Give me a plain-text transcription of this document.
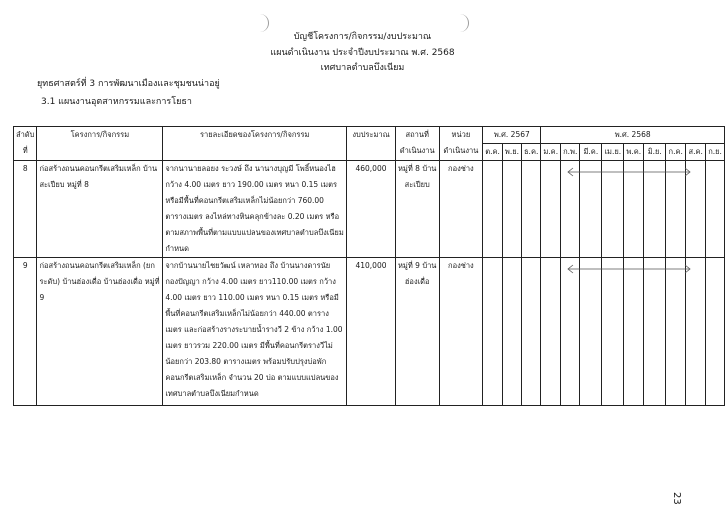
บัญชีโครงการ/กิจกรรม/งบประมาณ
แผนดำเนินงาน ประจำปีงบประมาณ พ.ศ. 2568
เทศบาลตำบลบึงเนียม
ยุทธศาสตร์ที่ 3 การพัฒนาเมืองและชุมชนน่าอยู่
3.1 แผนงานอุตสาหกรรมและการโยธา
ลำดับที่	โครงการ/กิจกรรม	รายละเอียดของโครงการ/กิจกรรม	งบประมาณ	สถานที่ดำเนินงาน	หน่วยดำเนินงาน	พ.ศ. 2567			พ.ศ. 2568								
						ต.ค.	พ.ย.	ธ.ค.	ม.ค.	ก.พ.	มี.ค.	เม.ย.	พ.ค.	มิ.ย.	ก.ค.	ส.ค.	ก.ย.
8	ก่อสร้างถนนคอนกรีตเสริมเหล็ก บ้านสะเปียบ หมู่ที่ 8	จากนานายลอยง ระวงษ์ ถึง นานางบุญมี โพธิ์หนองไฮ กว้าง 4.00 เมตร ยาว 190.00 เมตร หนา 0.15 เมตร หรือมีพื้นที่คอนกรีตเสริมเหล็กไม่น้อยกว่า 760.00 ตารางเมตร ลงไหล่ทางหินคลุกข้างละ 0.20 เมตร หรือตามสภาพพื้นที่ตามแบบแปลนของเทศบาลตำบลบึงเนียมกำหนด	460,000	หมู่ที่ 8 บ้านสะเปียบ	กองช่าง												
9	ก่อสร้างถนนคอนกรีตเสริมเหล็ก (ยกระดับ) บ้านฮ่องเดื่อ บ้านฮ่องเดื่อ หมู่ที่ 9	จากบ้านนายไชยวัฒน์ เหลาทอง ถึง บ้านนางดารนัย กองปัญญา กว้าง 4.00 เมตร ยาว110.00 เมตร กว้าง 4.00 เมตร ยาว 110.00 เมตร หนา 0.15 เมตร หรือมีพื้นที่คอนกรีตเสริมเหล็กไม่น้อยกว่า 440.00 ตารางเมตร และก่อสร้างรางระบายน้ำรางวี 2 ข้าง กว้าง 1.00 เมตร ยาวรวม 220.00 เมตร มีพื้นที่คอนกรีตรางวีไม่น้อยกว่า 203.80 ตารางเมตร พร้อมปรับปรุงบ่อพักคอนกรีตเสริมเหล็ก จำนวน 20 บ่อ ตามแบบแปลนของเทศบาลตำบลบึงเนียมกำหนด	410,000	หมู่ที่ 9 บ้านฮ่องเดื่อ	กองช่าง												
23
